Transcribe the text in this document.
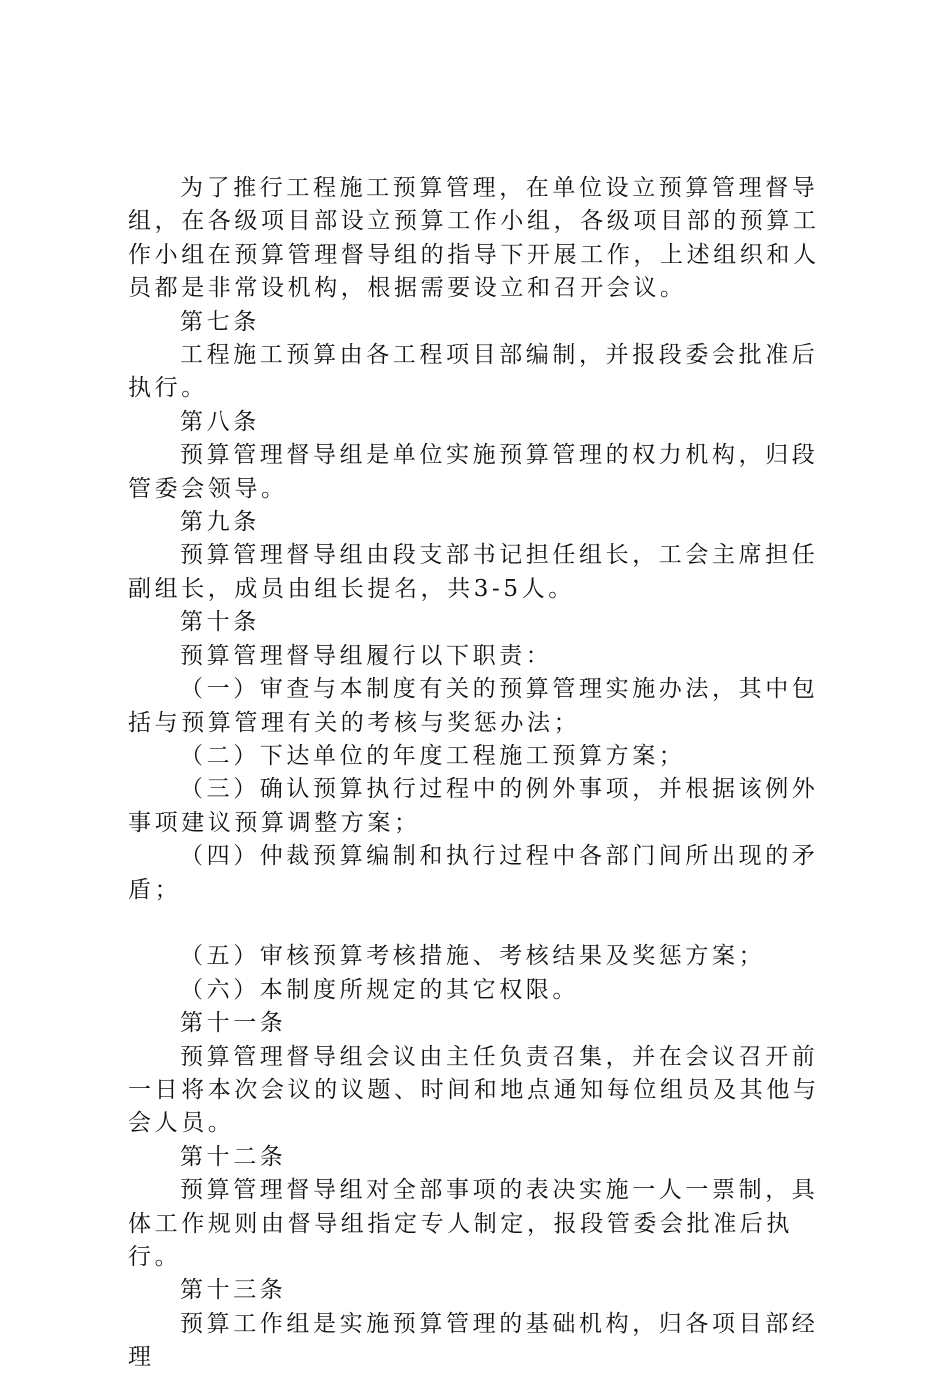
为了推行工程施工预算管理，在单位设立预算管理督导组，在各级项目部设立预算工作小组，各级项目部的预算工作小组在预算管理督导组的指导下开展工作，上述组织和人员都是非常设机构，根据需要设立和召开会议。

第七条

工程施工预算由各工程项目部编制，并报段委会批准后执行。

第八条

预算管理督导组是单位实施预算管理的权力机构，归段管委会领导。

第九条

预算管理督导组由段支部书记担任组长，工会主席担任副组长，成员由组长提名，共3-5人。

第十条

预算管理督导组履行以下职责：

（一）审查与本制度有关的预算管理实施办法，其中包括与预算管理有关的考核与奖惩办法；

（二）下达单位的年度工程施工预算方案；

（三）确认预算执行过程中的例外事项，并根据该例外事项建议预算调整方案；

（四）仲裁预算编制和执行过程中各部门间所出现的矛盾；

（五）审核预算考核措施、考核结果及奖惩方案；

（六）本制度所规定的其它权限。

第十一条

预算管理督导组会议由主任负责召集，并在会议召开前一日将本次会议的议题、时间和地点通知每位组员及其他与会人员。

第十二条

预算管理督导组对全部事项的表决实施一人一票制，具体工作规则由督导组指定专人制定，报段管委会批准后执行。

第十三条

预算工作组是实施预算管理的基础机构，归各项目部经理
